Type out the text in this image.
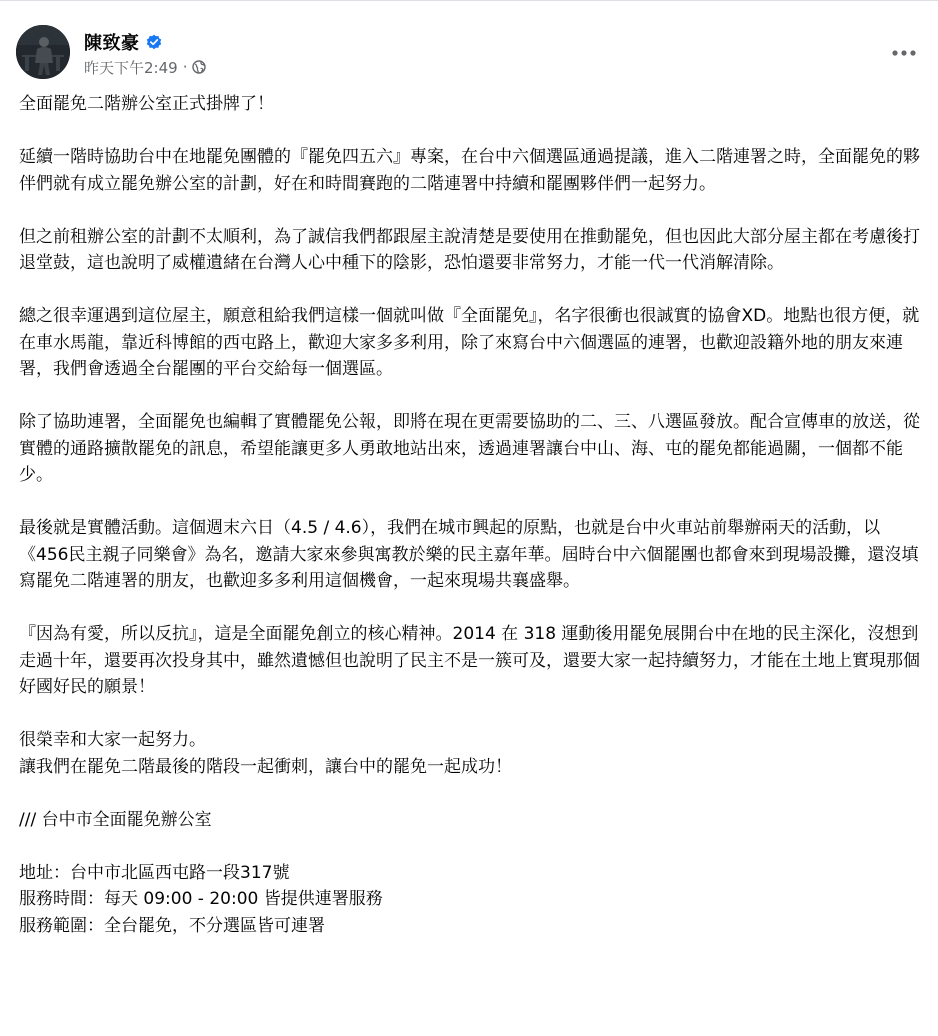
陳致豪
昨天下午2:49 ·

全面罷免二階辦公室正式掛牌了！

延續一階時協助台中在地罷免團體的『罷免四五六』專案，在台中六個選區通過提議，進入二階連署之時，全面罷免的夥伴們就有成立罷免辦公室的計劃，好在和時間賽跑的二階連署中持續和罷團夥伴們一起努力。

但之前租辦公室的計劃不太順利，為了誠信我們都跟屋主說清楚是要使用在推動罷免，但也因此大部分屋主都在考慮後打退堂鼓，這也說明了威權遺緒在台灣人心中種下的陰影，恐怕還要非常努力，才能一代一代消解清除。

總之很幸運遇到這位屋主，願意租給我們這樣一個就叫做『全面罷免』，名字很衝也很誠實的協會XD。地點也很方便，就在車水馬龍，靠近科博館的西屯路上，歡迎大家多多利用，除了來寫台中六個選區的連署，也歡迎設籍外地的朋友來連署，我們會透過全台罷團的平台交給每一個選區。

除了協助連署，全面罷免也編輯了實體罷免公報，即將在現在更需要協助的二、三、八選區發放。配合宣傳車的放送，從實體的通路擴散罷免的訊息，希望能讓更多人勇敢地站出來，透過連署讓台中山、海、屯的罷免都能過關，一個都不能少。

最後就是實體活動。這個週末六日（4.5 / 4.6），我們在城市興起的原點，也就是台中火車站前舉辦兩天的活動，以《456民主親子同樂會》為名，邀請大家來參與寓教於樂的民主嘉年華。屆時台中六個罷團也都會來到現場設攤，還沒填寫罷免二階連署的朋友，也歡迎多多利用這個機會，一起來現場共襄盛舉。

『因為有愛，所以反抗』，這是全面罷免創立的核心精神。2014 在 318 運動後用罷免展開台中在地的民主深化，沒想到走過十年，還要再次投身其中，雖然遺憾但也說明了民主不是一簇可及，還要大家一起持續努力，才能在土地上實現那個好國好民的願景！

很榮幸和大家一起努力。
讓我們在罷免二階最後的階段一起衝刺，讓台中的罷免一起成功！

/// 台中市全面罷免辦公室

地址：台中市北區西屯路一段317號
服務時間：每天 09:00 - 20:00 皆提供連署服務
服務範圍：全台罷免，不分選區皆可連署
